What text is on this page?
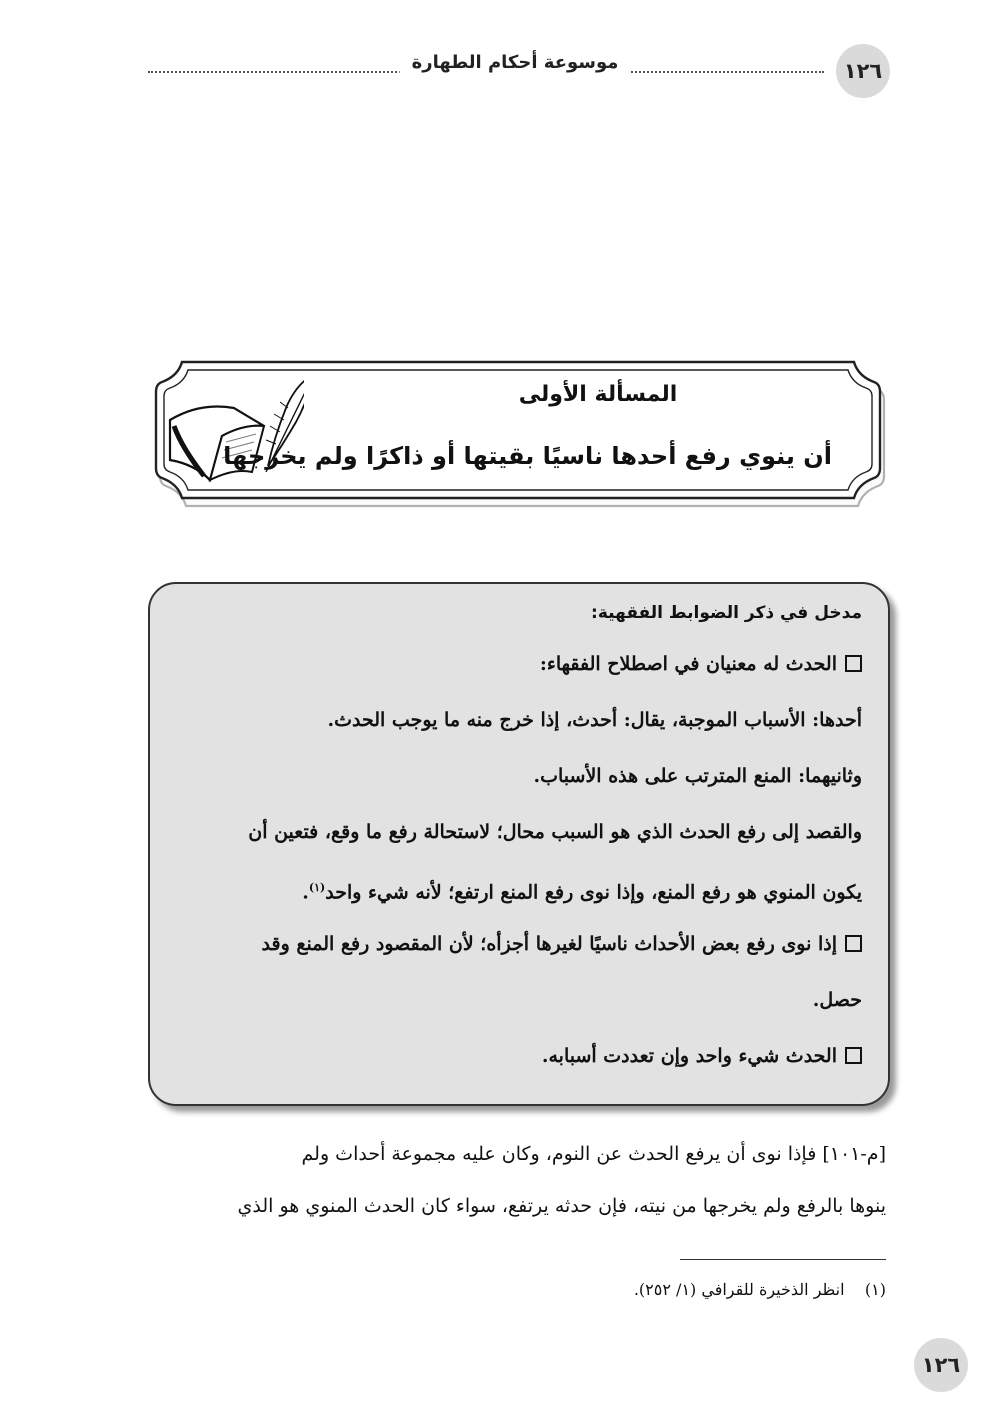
موسوعة أحكام الطهارة	١٢٦
المسألة الأولى
أن ينوي رفع أحدها ناسيًا بقيتها أو ذاكرًا ولم يخرجها
مدخل في ذكر الضوابط الفقهية:
الحدث له معنيان في اصطلاح الفقهاء:
أحدها: الأسباب الموجبة، يقال: أحدث، إذا خرج منه ما يوجب الحدث.
وثانيهما: المنع المترتب على هذه الأسباب.
والقصد إلى رفع الحدث الذي هو السبب محال؛ لاستحالة رفع ما وقع، فتعين أن
يكون المنوي هو رفع المنع، وإذا نوى رفع المنع ارتفع؛ لأنه شيء واحد$^{(١)}$.
إذا نوى رفع بعض الأحداث ناسيًا لغيرها أجزأه؛ لأن المقصود رفع المنع وقد
حصل.
الحدث شيء واحد وإن تعددت أسبابه.
[م-١٠١] فإذا نوى أن يرفع الحدث عن النوم، وكان عليه مجموعة أحداث ولم
ينوها بالرفع ولم يخرجها من نيته، فإن حدثه يرتفع، سواء كان الحدث المنوي هو الذي
(١)    انظر الذخيرة للقرافي (١/ ٢٥٢).
١٢٦
